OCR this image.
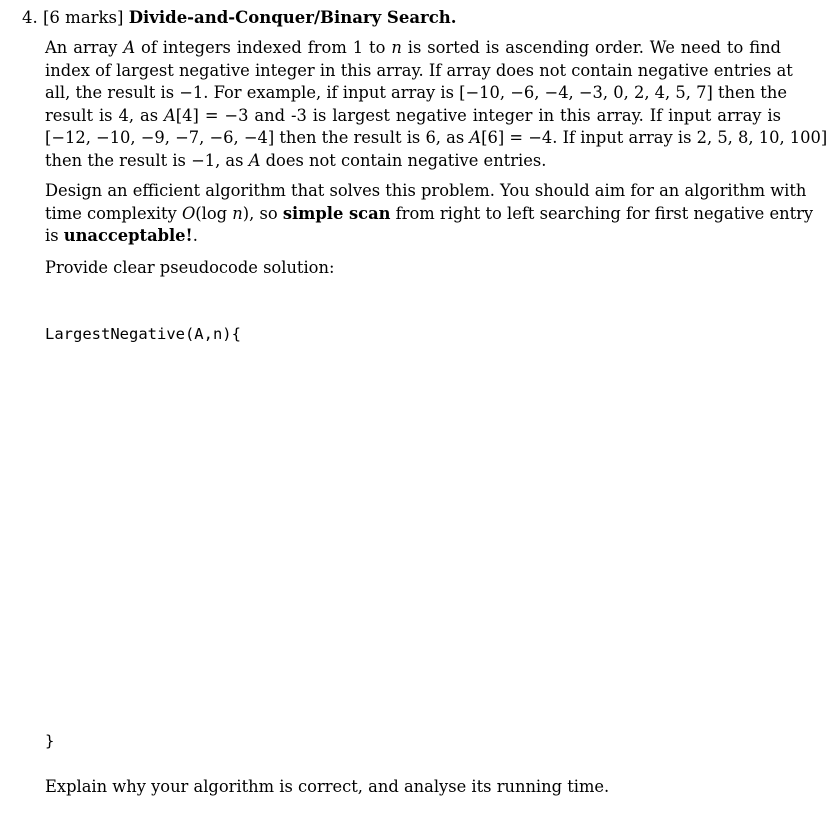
4. [6 marks] Divide-and-Conquer/Binary Search.
An array A of integers indexed from 1 to n is sorted is ascending order. We need to find
index of largest negative integer in this array. If array does not contain negative entries at
all, the result is −1. For example, if input array is [−10, −6, −4, −3, 0, 2, 4, 5, 7] then the
result is 4, as A[4] = −3 and -3 is largest negative integer in this array. If input array is
[−12, −10, −9, −7, −6, −4] then the result is 6, as A[6] = −4. If input array is 2, 5, 8, 10, 100]
then the result is −1, as A does not contain negative entries.
Design an efficient algorithm that solves this problem. You should aim for an algorithm with
time complexity O(log n), so simple scan from right to left searching for first negative entry
is unacceptable!.
Provide clear pseudocode solution:
LargestNegative(A,n){
}
Explain why your algorithm is correct, and analyse its running time.
